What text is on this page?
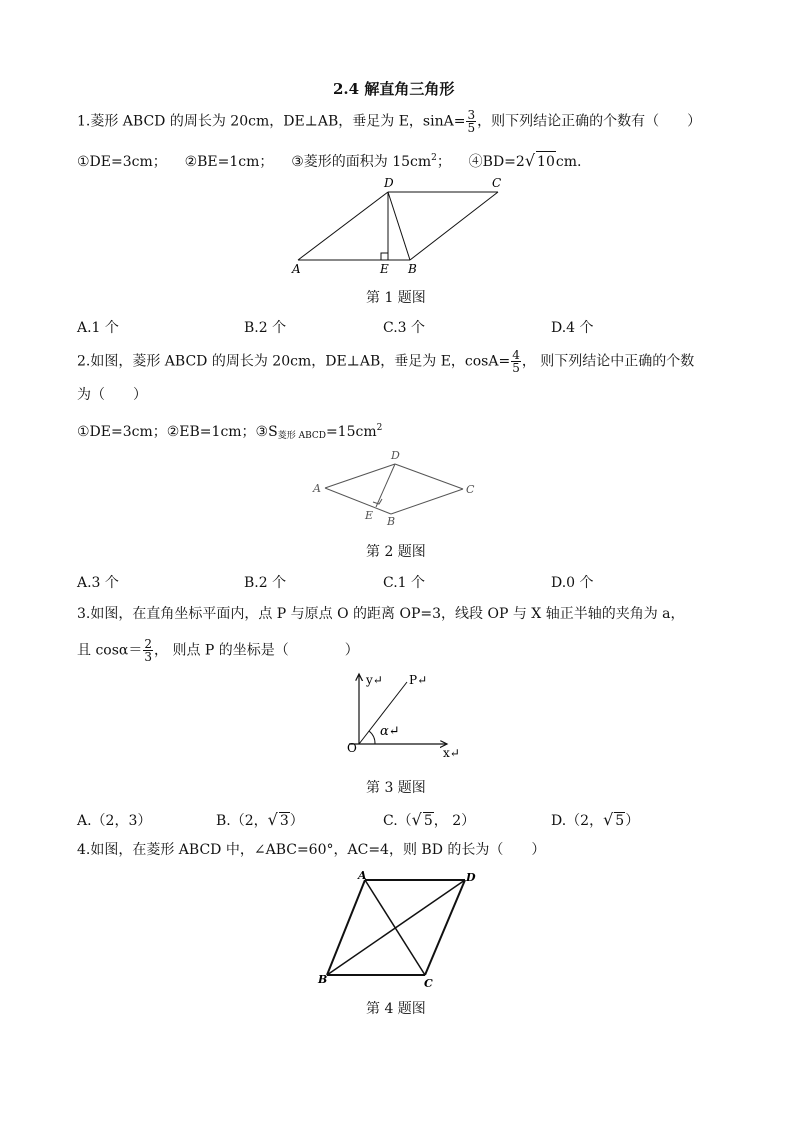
2.4 解直角三角形
1.菱形 ABCD 的周长为 20cm，DE⊥AB，垂足为 E，$\sin A= \frac{3}{5}$ ，则下列结论正确的个数有（　　）
①DE=3cm； ②BE=1cm； ③菱形的面积为 $15cm^2$； ④BD=2√ 10cm.
A	E B
D	C
第 1 题图
A.1 个	B.2 个	C.3 个	D.4 个
2.如图，菱形 ABCD 的周长为 20cm，DE⊥AB，垂足为 E，$\cos A= \frac{4}{5}$ ， 则下列结论中正确的个数
为（　　）
①DE=3cm；②EB=1cm；$③S_{菱形 ABCD}=15cm^2$
A
D
C
E B
第 2 题图
A.3 个	B.2 个	C.1 个	D.0 个
3.如图，在直角坐标平面内，点 P 与原点 O 的距离 OP=3，线段 OP 与 X 轴正半轴的夹角为 a，
且 $\cos\alpha= \frac{2}{3}$ ， 则点 P 的坐标是（　　　　）
y↵ P↵
α↵
O	x↵
第 3 题图
A.（2，3）	B.（2，√ 3）	C.（√ 5， 2）	D.（2，√ 5）
4.如图，在菱形 ABCD 中，∠ABC=60°，AC=4，则 BD 的长为（　　）
A	D
B	C
第 4 题图
